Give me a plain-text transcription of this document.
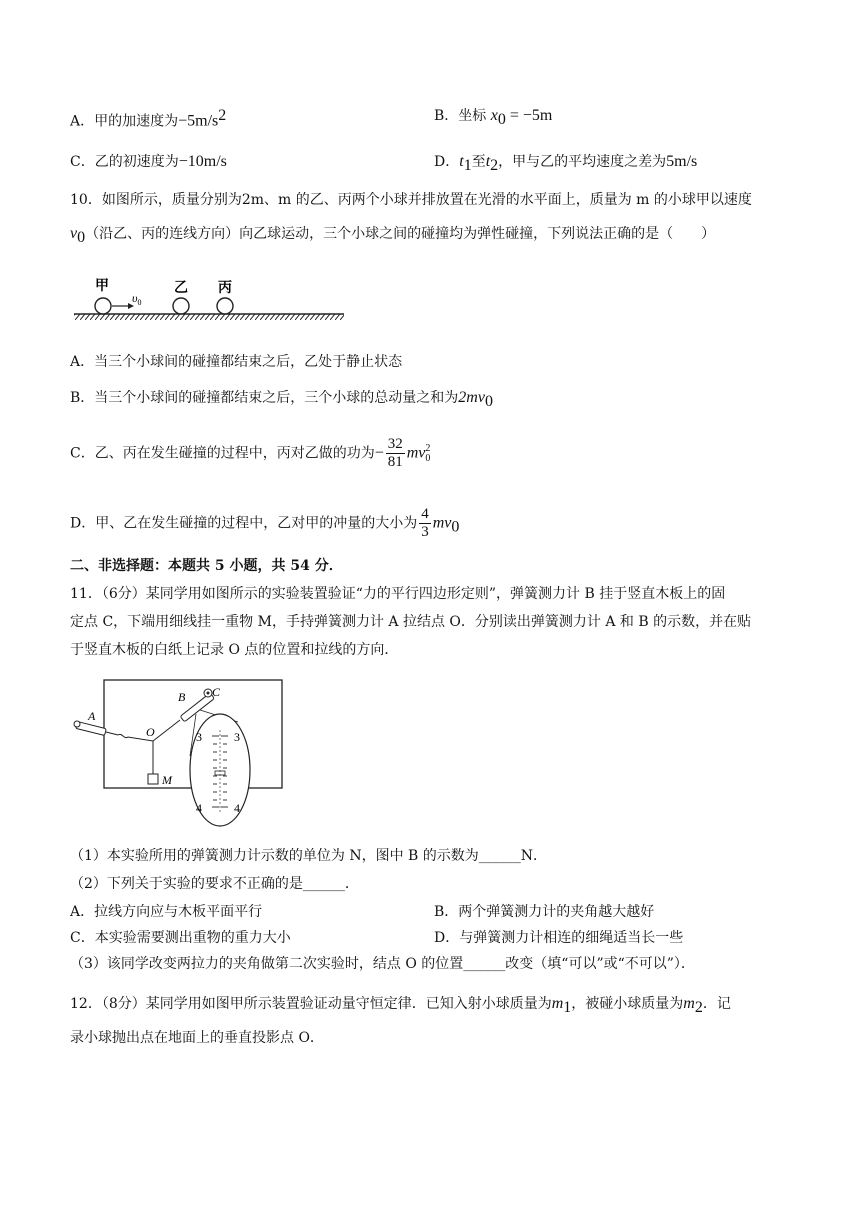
A．甲的加速度为$-5m/s^2$	B．坐标 $x_0 = -5m$
C．乙的初速度为−10m/s	D．$t_1$至$t_2$，甲与乙的平均速度之差为5m/s
10．如图所示，质量分别为2m、m 的乙、丙两个小球并排放置在光滑的水平面上，质量为 m 的小球甲以速度
$v_0$（沿乙、丙的连线方向）向乙球运动，三个小球之间的碰撞均为弹性碰撞，下列说法正确的是（　　）
甲
$\upsilon_0$
乙 丙
A．当三个小球间的碰撞都结束之后，乙处于静止状态
B．当三个小球间的碰撞都结束之后，三个小球的总动量之和为$2mv_0$
C．乙、丙在发生碰撞的过程中，丙对乙做的功为− $\frac{32}{81}$ mv 2
0
D．甲、乙在发生碰撞的过程中，乙对甲的冲量的大小为 $\frac{4}{3} mv_0$
二、非选择题：本题共 5 小题，共 54 分．
11．（6分）某同学用如图所示的实验装置验证“力的平行四边形定则”，弹簧测力计 B 挂于竖直木板上的固
定点 C，下端用细线挂一重物 M，手持弹簧测力计 A 拉结点 O．分别读出弹簧测力计 A 和 B 的示数，并在贴
于竖直木板的白纸上记录 O 点的位置和拉线的方向．
3	3
4	4
A
B C
O
M
（1）本实验所用的弹簧测力计示数的单位为 N，图中 B 的示数为______N．
（2）下列关于实验的要求不正确的是______．
A．拉线方向应与木板平面平行	B．两个弹簧测力计的夹角越大越好
C．本实验需要测出重物的重力大小	D．与弹簧测力计相连的细绳适当长一些
（3）该同学改变两拉力的夹角做第二次实验时，结点 O 的位置______改变（填“可以”或“不可以”）．
12．（8分）某同学用如图甲所示装置验证动量守恒定律．已知入射小球质量为$m_1$，被碰小球质量为$m_2$．记
录小球抛出点在地面上的垂直投影点 O．
